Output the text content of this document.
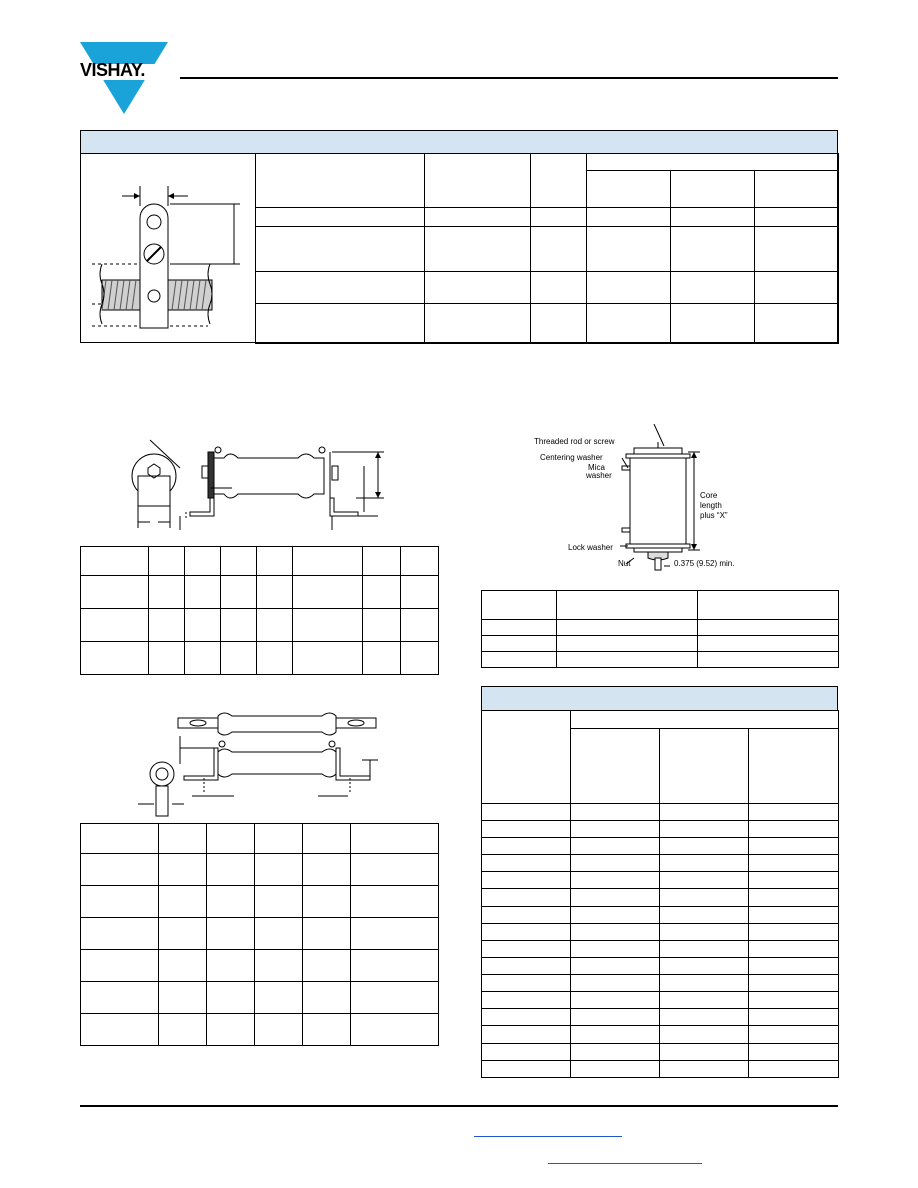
VISHAY.

Threaded rod or screw
Centering washer
Mica
washer
Core
length
plus “X”
Lock washer
Nut	0.375 (9.52) min.
